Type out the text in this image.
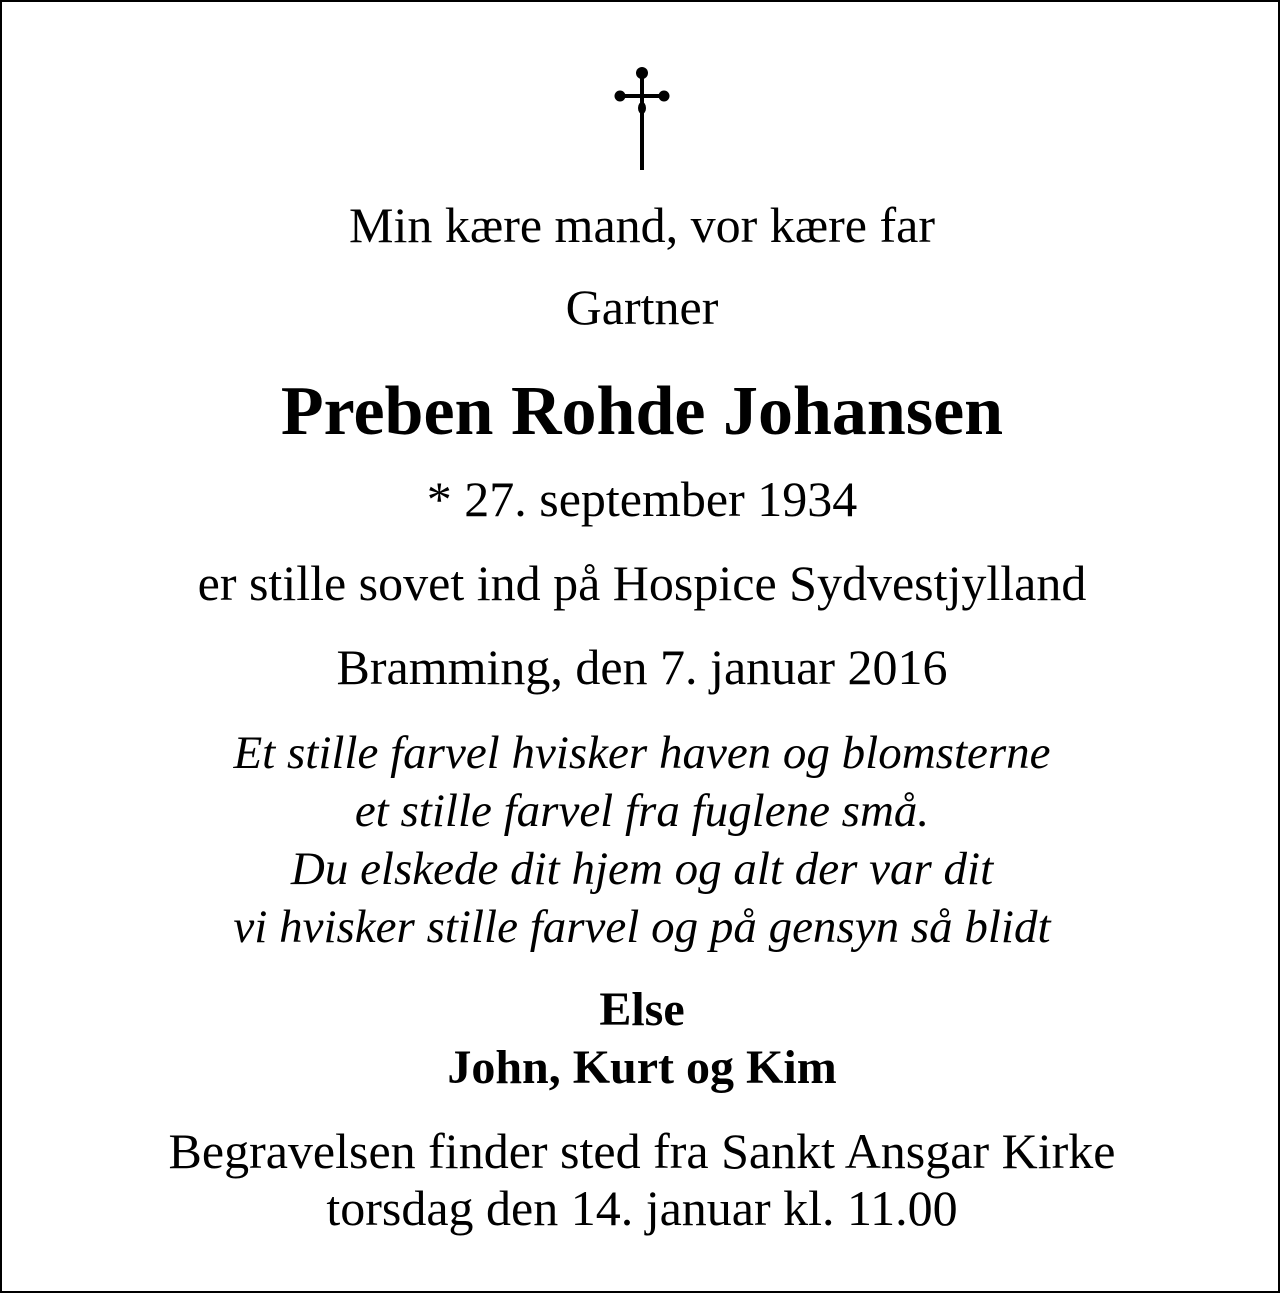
Min kære mand, vor kære far

Gartner

Preben Rohde Johansen

* 27. september 1934

er stille sovet ind på Hospice Sydvestjylland

Bramming, den 7. januar 2016

Et stille farvel hvisker haven og blomsterne
et stille farvel fra fuglene små.
Du elskede dit hjem og alt der var dit
vi hvisker stille farvel og på gensyn så blidt
Else
John, Kurt og Kim
Begravelsen finder sted fra Sankt Ansgar Kirke
torsdag den 14. januar kl. 11.00
